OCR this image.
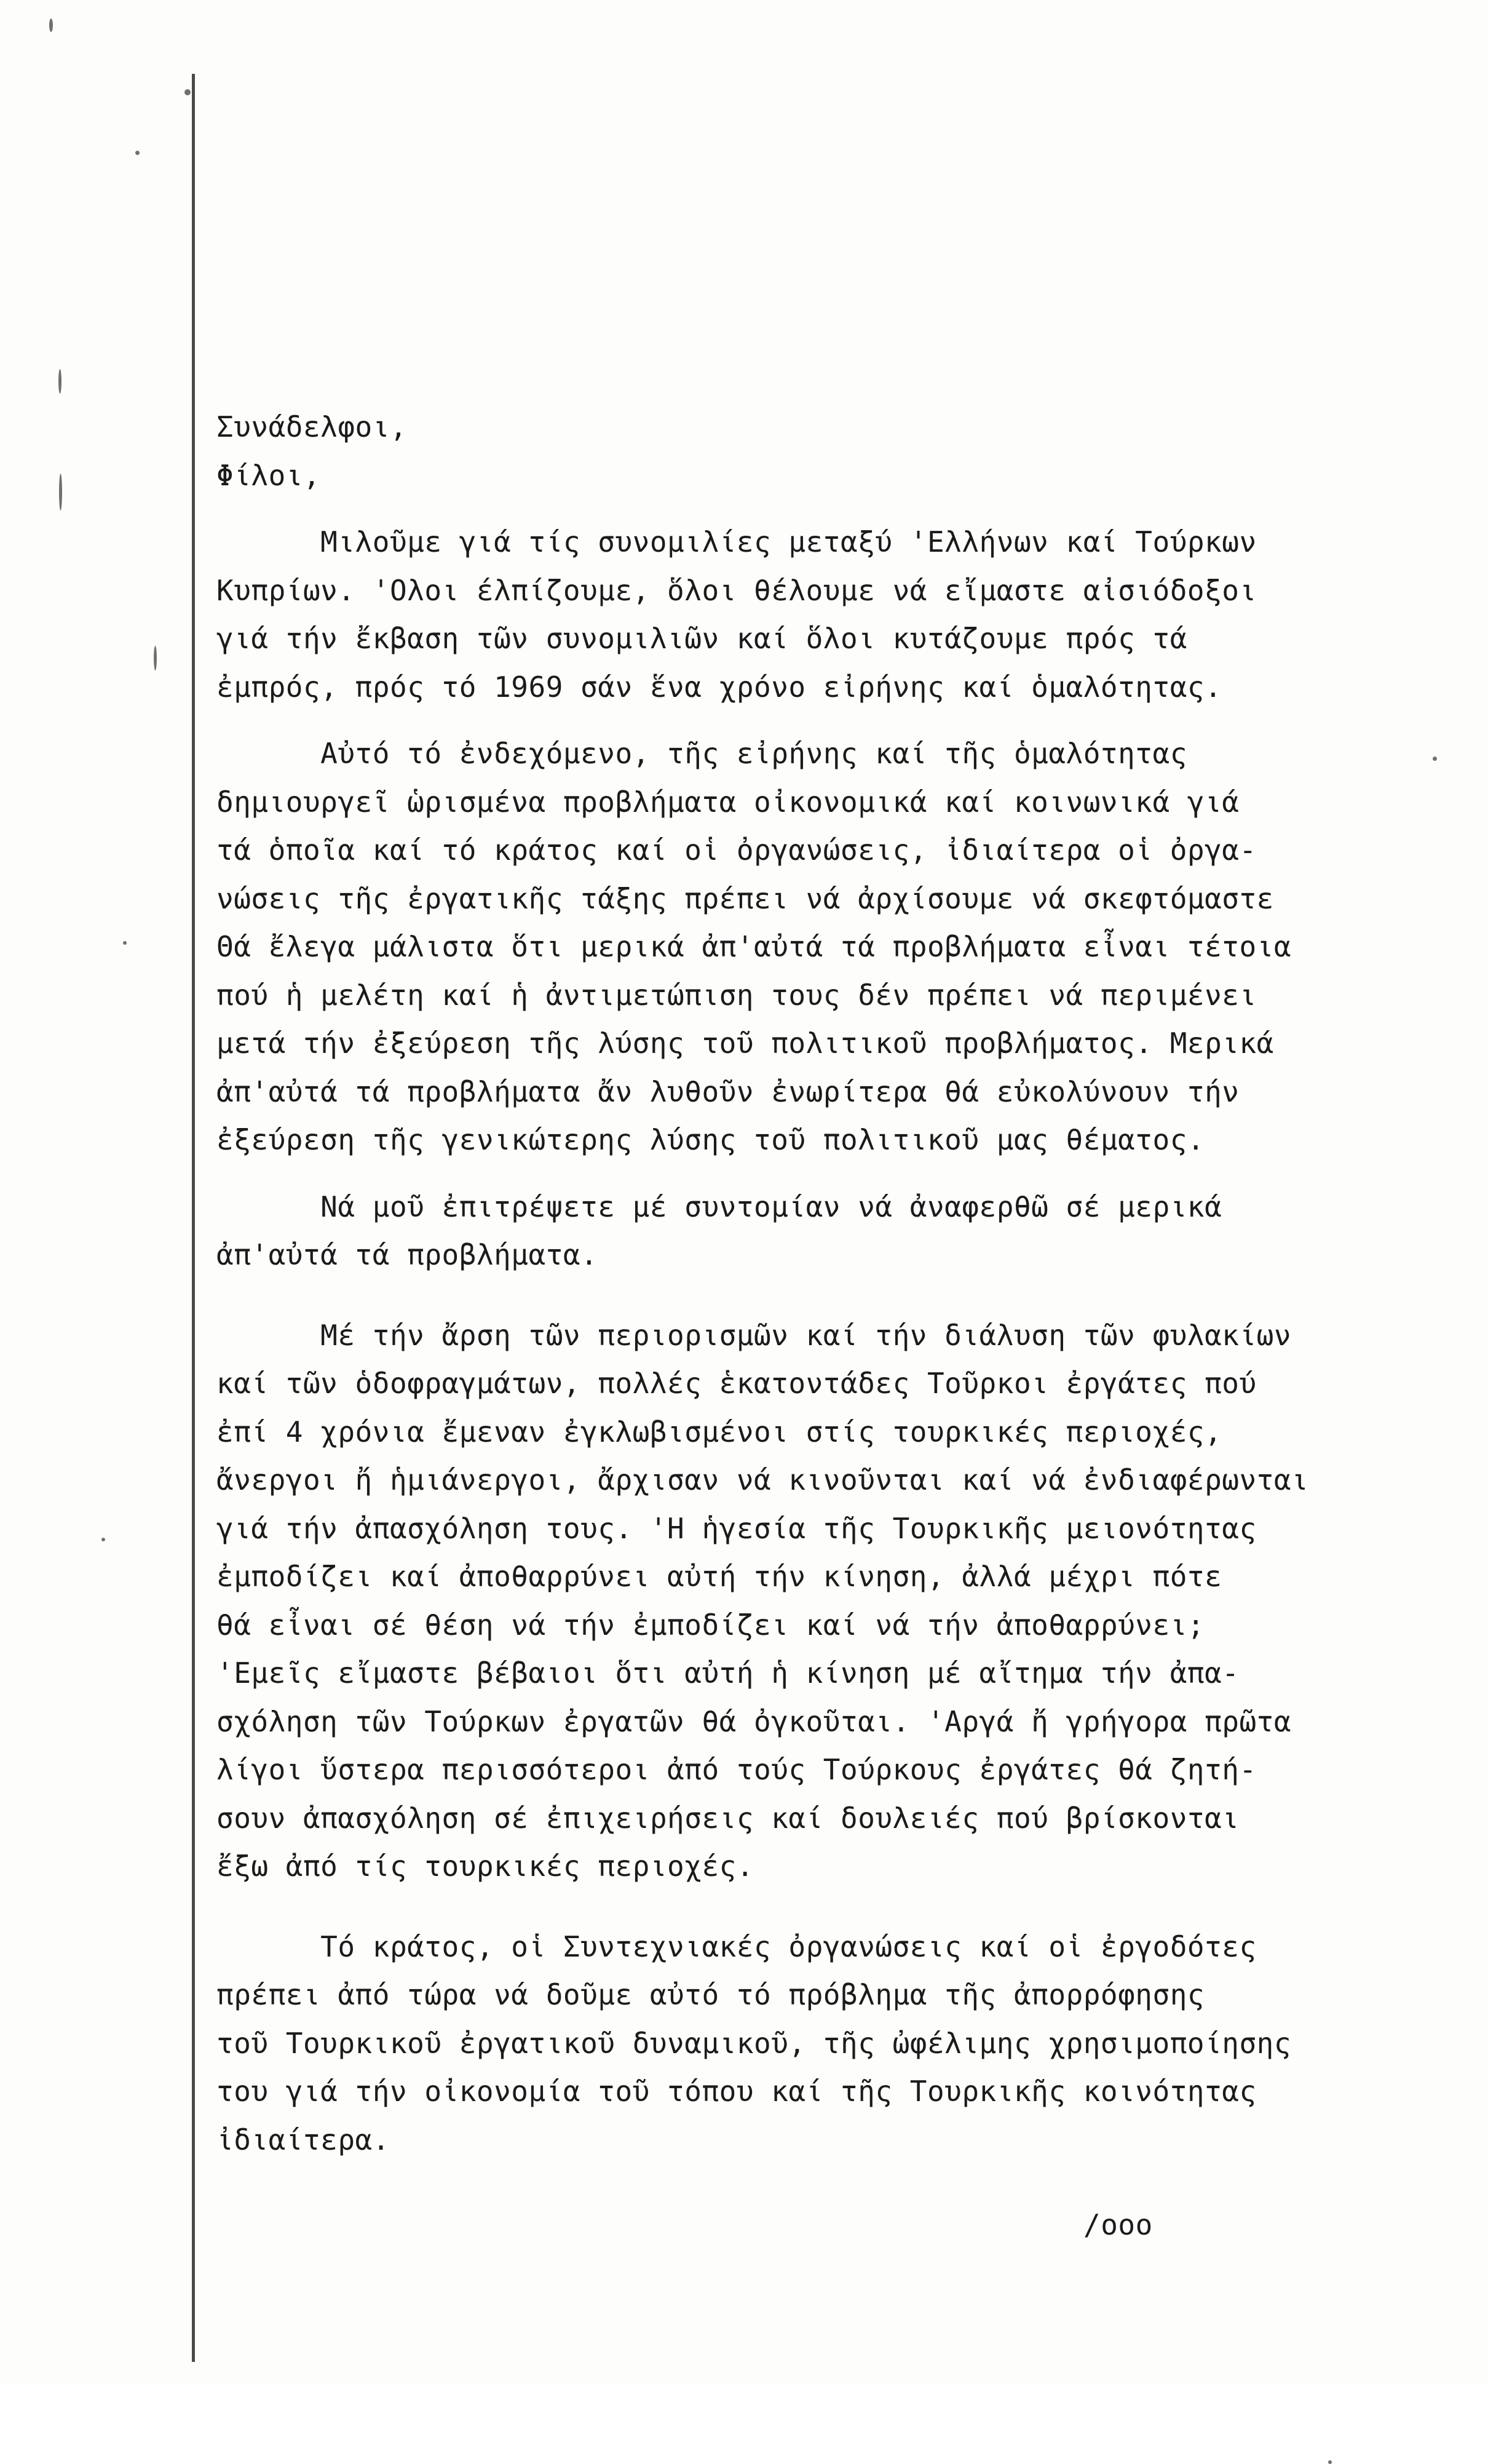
Συνάδελφοι,
Φίλοι,
Μιλοῦμε γιά τίς συνομιλίες μεταξύ 'Ελλήνων καί Τούρκων
Κυπρίων. 'Ολοι έλπίζουμε, ὅλοι θέλουμε νά εἴμαστε αἰσιόδοξοι
γιά τήν ἔκβαση τῶν συνομιλιῶν καί ὅλοι κυτάζουμε πρός τά
ἐμπρός, πρός τό 1969 σάν ἕνα χρόνο εἰρήνης καί ὁμαλότητας.
Αὐτό τό ἐνδεχόμενο, τῆς εἰρήνης καί τῆς ὁμαλότητας
δημιουργεῖ ὡρισμένα προβλήματα οἰκονομικά καί κοινωνικά γιά
τά ὁποῖα καί τό κράτος καί οἱ ὀργανώσεις, ἰδιαίτερα οἱ ὀργα-
νώσεις τῆς ἐργατικῆς τάξης πρέπει νά ἀρχίσουμε νά σκεφτόμαστε
Θά ἔλεγα μάλιστα ὅτι μερικά ἀπ'αὐτά τά προβλήματα εἶναι τέτοια
πού ἡ μελέτη καί ἡ ἀντιμετώπιση τους δέν πρέπει νά περιμένει
μετά τήν ἐξεύρεση τῆς λύσης τοῦ πολιτικοῦ προβλήματος. Μερικά
ἀπ'αὐτά τά προβλήματα ἄν λυθοῦν ἐνωρίτερα θά εὐκολύνουν τήν
ἐξεύρεση τῆς γενικώτερης λύσης τοῦ πολιτικοῦ μας θέματος.
Νά μοῦ ἐπιτρέψετε μέ συντομίαν νά ἀναφερθῶ σέ μερικά
ἀπ'αὐτά τά προβλήματα.
Μέ τήν ἄρση τῶν περιορισμῶν καί τήν διάλυση τῶν φυλακίων
καί τῶν ὁδοφραγμάτων, πολλές ἑκατοντάδες Τοῦρκοι ἐργάτες πού
ἐπί 4 χρόνια ἔμεναν ἐγκλωβισμένοι στίς τουρκικές περιοχές,
ἄνεργοι ἤ ἡμιάνεργοι, ἄρχισαν νά κινοῦνται καί νά ἐνδιαφέρωνται
γιά τήν ἀπασχόληση τους. 'Η ἡγεσία τῆς Τουρκικῆς μειονότητας
ἐμποδίζει καί ἀποθαρρύνει αὐτή τήν κίνηση, ἀλλά μέχρι πότε
θά εἶναι σέ θέση νά τήν ἐμποδίζει καί νά τήν ἀποθαρρύνει;
'Εμεῖς εἴμαστε βέβαιοι ὅτι αὐτή ἡ κίνηση μέ αἴτημα τήν ἀπα-
σχόληση τῶν Τούρκων ἐργατῶν θά ὀγκοῦται. 'Αργά ἤ γρήγορα πρῶτα
λίγοι ὕστερα περισσότεροι ἀπό τούς Τούρκους ἐργάτες θά ζητή-
σουν ἀπασχόληση σέ ἐπιχειρήσεις καί δουλειές πού βρίσκονται
ἔξω ἀπό τίς τουρκικές περιοχές.
Τό κράτος, οἱ Συντεχνιακές ὀργανώσεις καί οἱ ἐργοδότες
πρέπει ἀπό τώρα νά δοῦμε αὐτό τό πρόβλημα τῆς ἀπορρόφησης
τοῦ Τουρκικοῦ ἐργατικοῦ δυναμικοῦ, τῆς ὠφέλιμης χρησιμοποίησης
του γιά τήν οἰκονομία τοῦ τόπου καί τῆς Τουρκικῆς κοινότητας
ἰδιαίτερα.
/ooo
